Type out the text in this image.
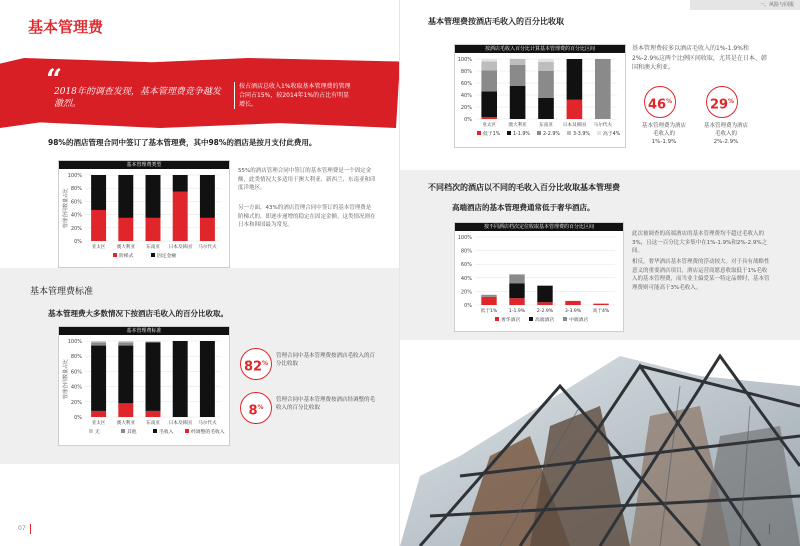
基本管理费
“
2018年的调查发现，基本管理费竞争越发激烈。
按占酒店总收入1%收取基本管理费的管理合同占15%，较2014年1%的占比有明显增长。
98%的酒店管理合同中签订了基本管理费，其中98%的酒店是按月支付此费用。
基本管理费类型
100%
80%
60%
40%
20%
0%
管理合同数量占比
亚太区 澳大利亚 东南亚 日本及韩国 马尔代夫
阶梯式	固定金额
55%的酒店管理合同中签订的基本管理费是一个固定金额，此类情况大多适用于澳大利亚、新西兰、东南亚和印度洋地区。
另一方面，43%的酒店管理合同中签订的基本管理费是阶梯式的，即逐步递增的稳定在固定金额。这类情况则在日本和韩国最为常见。
基本管理费标准
基本管理费大多数情况下按酒店毛收入的百分比收取。
基本管理费标准
100%
80%
60%
40%
20%
0%
管理合同数量占比
亚太区 澳大利亚 东南亚 日本及韩国 马尔代夫
无	其他	毛收入	经调整的毛收入
82%
管理合同中基本管理费按酒店毛收入的百分比收取
8%
管理合同中基本管理费按酒店经调整的毛收入的百分比收取
07
一、风险与回报
基本管理费按酒店毛收入的百分比收取
按酒店毛收入百分比计算基本管理费的百分比区间
100%
80%
60%
40%
20%
0%
亚太区	澳大利亚	东南亚 日本及韩国 马尔代夫
低于1%	1-1.9%	2-2.9%	3-3.9%	高于4%
基本管理费较多以酒店毛收入的1%-1.9%和2%-2.9%这两个比例区间收取，尤其是在日本、韩国和澳大利亚。
46%
基本管理费为酒店毛收入的1%-1.9%
29%
基本管理费为酒店毛收入的2%-2.9%
不同档次的酒店以不同的毛收入百分比收取基本管理费
高端酒店的基本管理费通常低于奢华酒店。
按不同酒店档次定位收取基本管理费的百分比区间
100%
80%
60%
40%
20%
0%
低于1%	1-1.9%	2-2.9%	3-3.9%	高于4%
奢华酒店	高端酒店	中端酒店
此次被调查的高端酒店的基本管理费均不超过毛收入的3%，且这一百分比大多集中在1%-1.9%和2%-2.9%之间。
相反，奢华酒店基本管理费的浮动较大。对于具有战略性意义的重要酒店项目，酒店运营商愿意收取低于1%毛收入的基本管理费，而当业主偏爱某一特定品牌时，基本管理费则可能高于3%毛收入。
08
